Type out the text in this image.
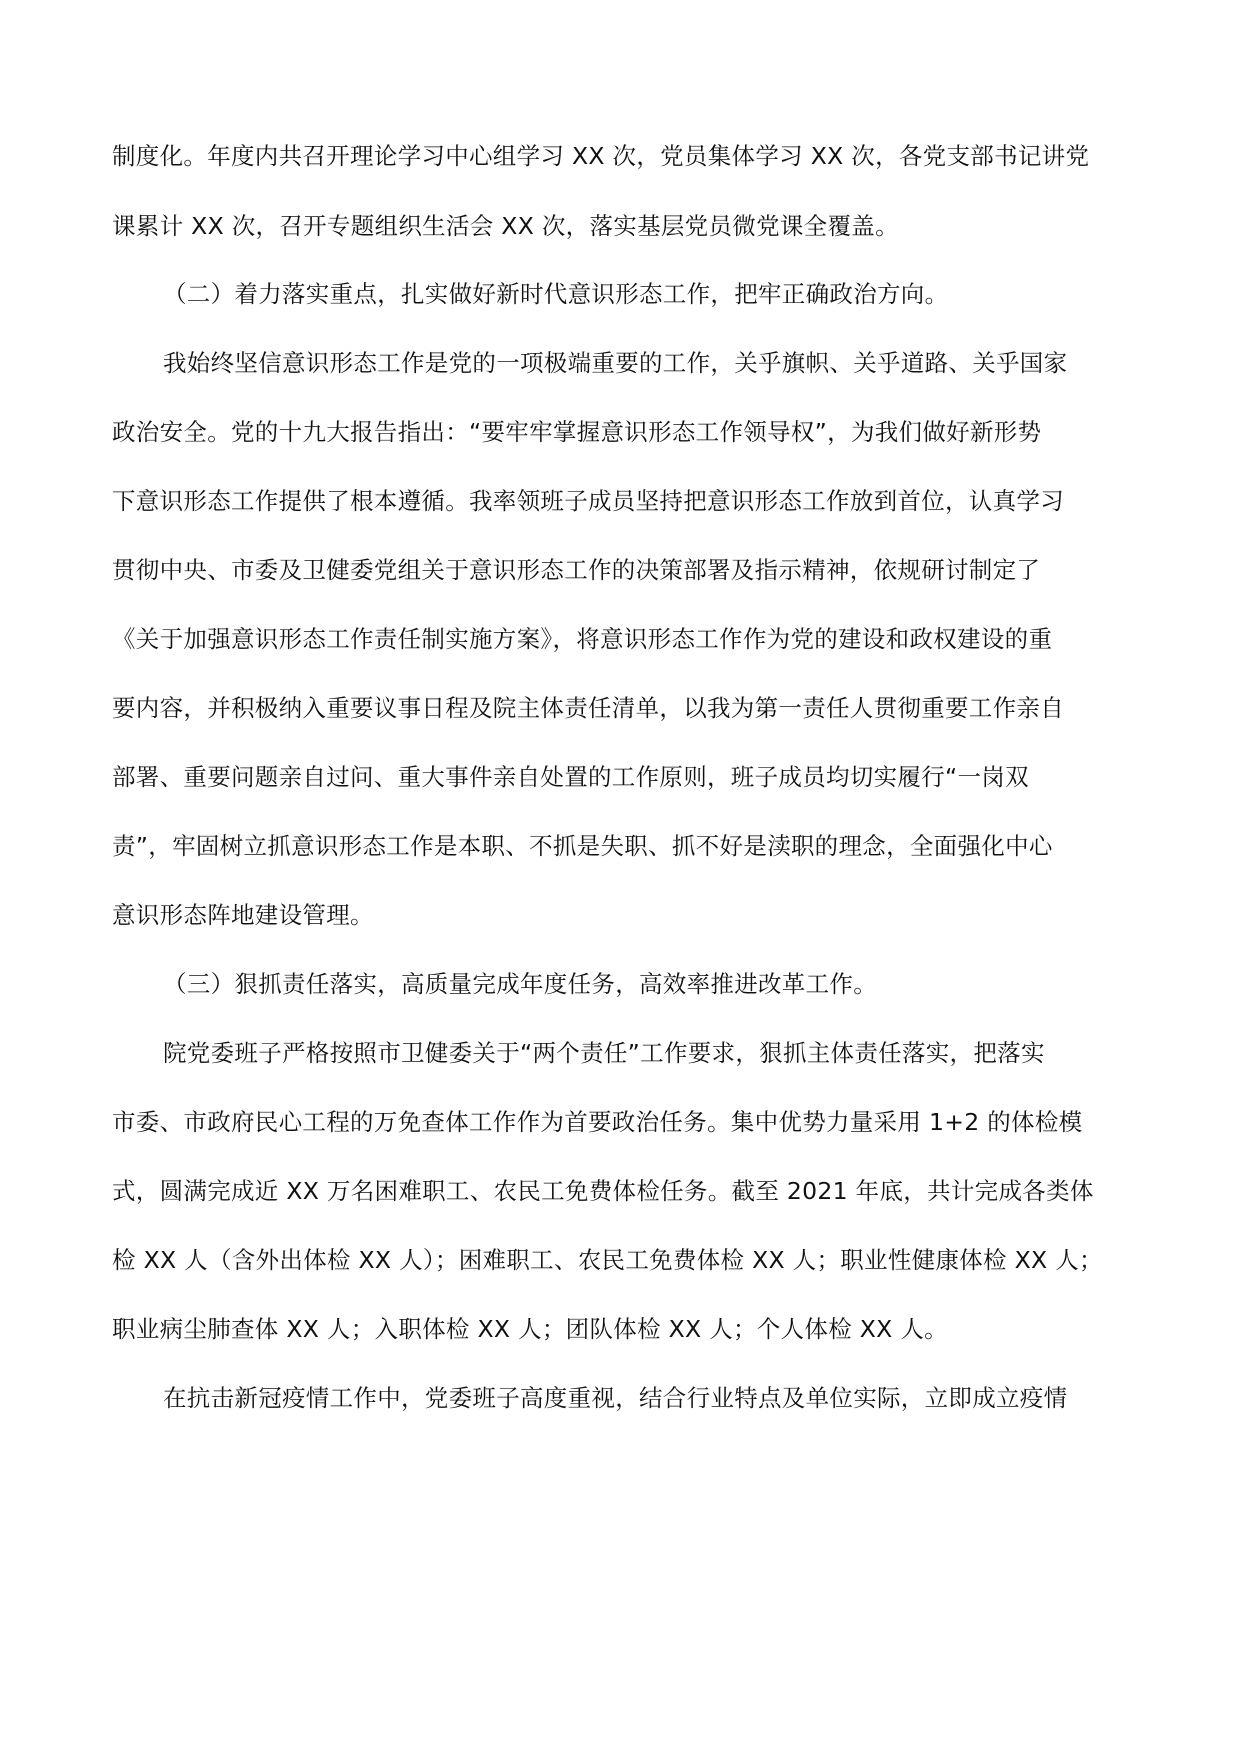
制度化。年度内共召开理论学习中心组学习 XX 次，党员集体学习 XX 次，各党支部书记讲党
课累计 XX 次，召开专题组织生活会 XX 次，落实基层党员微党课全覆盖。
（二）着力落实重点，扎实做好新时代意识形态工作，把牢正确政治方向。
我始终坚信意识形态工作是党的一项极端重要的工作，关乎旗帜、关乎道路、关乎国家
政治安全。党的十九大报告指出：“要牢牢掌握意识形态工作领导权”，为我们做好新形势
下意识形态工作提供了根本遵循。我率领班子成员坚持把意识形态工作放到首位，认真学习
贯彻中央、市委及卫健委党组关于意识形态工作的决策部署及指示精神，依规研讨制定了
《关于加强意识形态工作责任制实施方案》，将意识形态工作作为党的建设和政权建设的重
要内容，并积极纳入重要议事日程及院主体责任清单，以我为第一责任人贯彻重要工作亲自
部署、重要问题亲自过问、重大事件亲自处置的工作原则，班子成员均切实履行“一岗双
责”，牢固树立抓意识形态工作是本职、不抓是失职、抓不好是渎职的理念，全面强化中心
意识形态阵地建设管理。
（三）狠抓责任落实，高质量完成年度任务，高效率推进改革工作。
院党委班子严格按照市卫健委关于“两个责任”工作要求，狠抓主体责任落实，把落实
市委、市政府民心工程的万免查体工作作为首要政治任务。集中优势力量采用 1+2 的体检模
式，圆满完成近 XX 万名困难职工、农民工免费体检任务。截至 2021 年底，共计完成各类体
检 XX 人（含外出体检 XX 人）；困难职工、农民工免费体检 XX 人；职业性健康体检 XX 人；
职业病尘肺查体 XX 人；入职体检 XX 人；团队体检 XX 人；个人体检 XX 人。
在抗击新冠疫情工作中，党委班子高度重视，结合行业特点及单位实际，立即成立疫情
